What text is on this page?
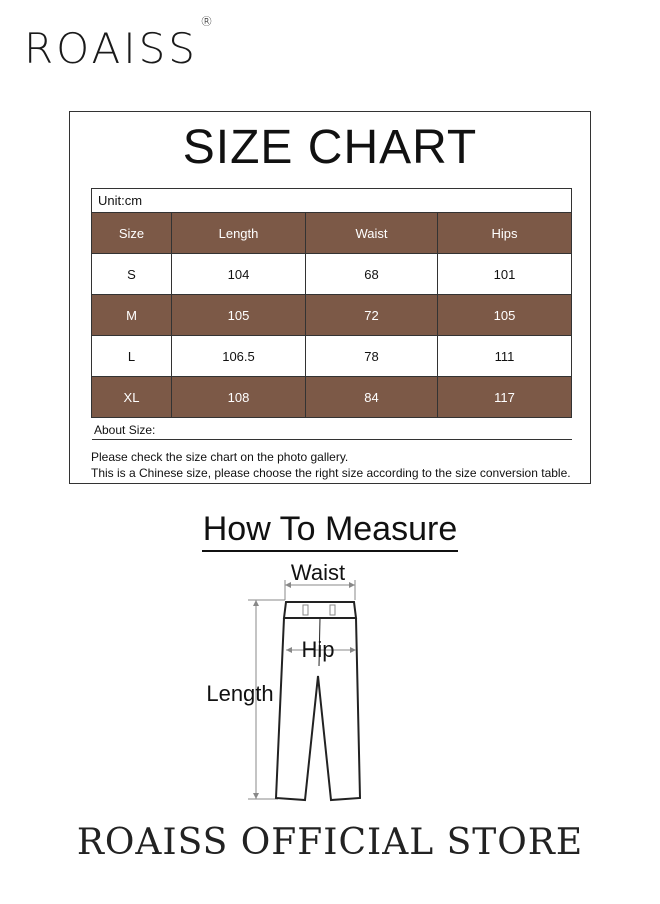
ROAISS®
SIZE CHART
Unit:cm
Size	Length	Waist	Hips
S	104	68	101
M	105	72	105
L	106.5	78	111
XL	108	84	117
About Size:
Please check the size chart on the photo gallery.
This is a Chinese size, please choose the right size according to the size conversion table.
How To Measure
Waist
Length
Hip
ROAISS OFFICIAL STORE
